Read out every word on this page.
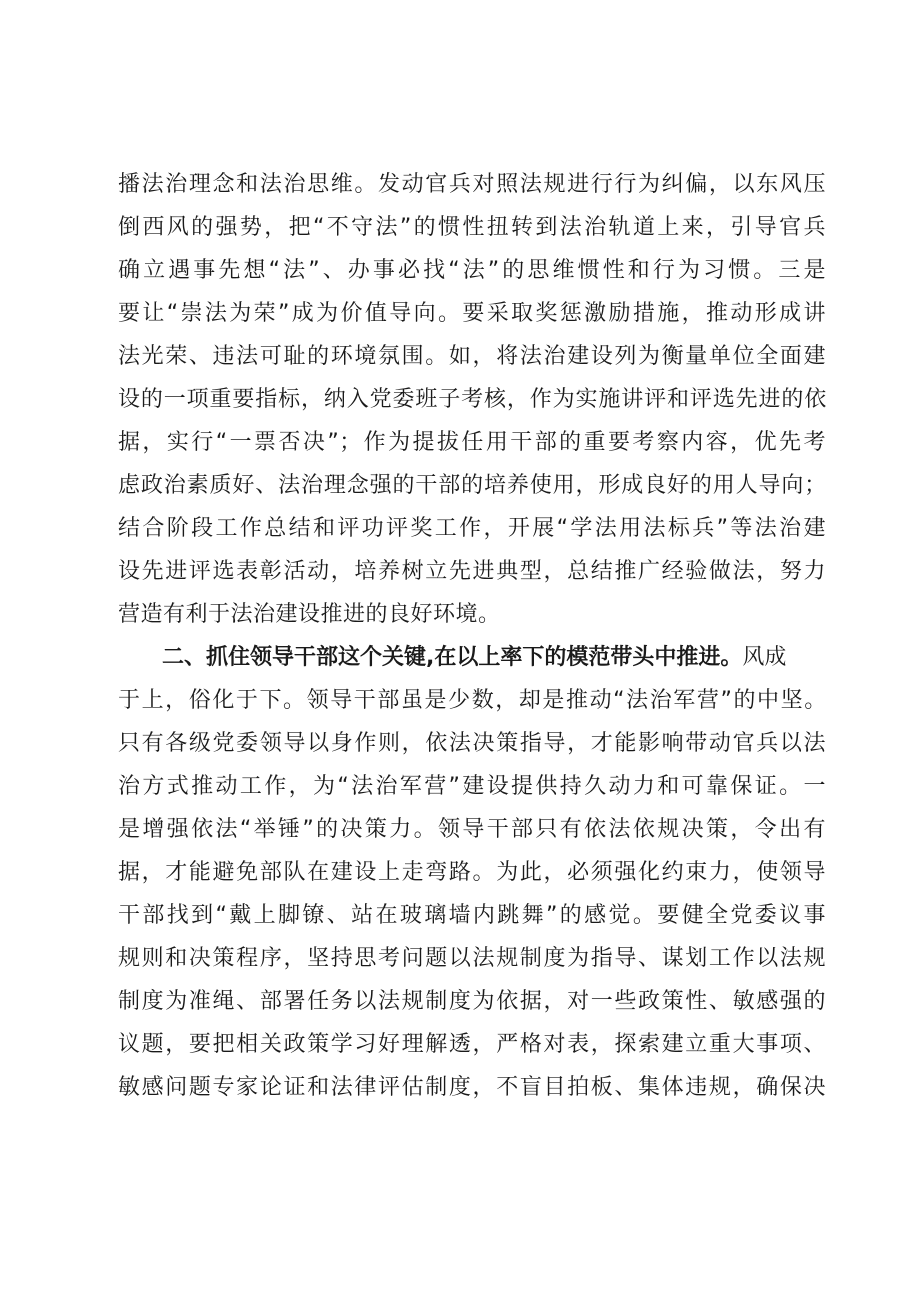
播法治理念和法治思维。发动官兵对照法规进行行为纠偏，以东风压
倒西风的强势，把“不守法”的惯性扭转到法治轨道上来，引导官兵
确立遇事先想“法”、办事必找“法”的思维惯性和行为习惯。三是
要让“崇法为荣”成为价值导向。要采取奖惩激励措施，推动形成讲
法光荣、违法可耻的环境氛围。如，将法治建设列为衡量单位全面建
设的一项重要指标，纳入党委班子考核，作为实施讲评和评选先进的依
据，实行“一票否决”；作为提拔任用干部的重要考察内容，优先考
虑政治素质好、法治理念强的干部的培养使用，形成良好的用人导向；
结合阶段工作总结和评功评奖工作，开展“学法用法标兵”等法治建
设先进评选表彰活动，培养树立先进典型，总结推广经验做法，努力
营造有利于法治建设推进的良好环境。
二、抓住领导干部这个关键,在以上率下的模范带头中推进。风成
于上，俗化于下。领导干部虽是少数，却是推动“法治军营”的中坚。
只有各级党委领导以身作则，依法决策指导，才能影响带动官兵以法
治方式推动工作，为“法治军营”建设提供持久动力和可靠保证。一
是增强依法“举锤”的决策力。领导干部只有依法依规决策，令出有
据，才能避免部队在建设上走弯路。为此，必须强化约束力，使领导
干部找到“戴上脚镣、站在玻璃墙内跳舞”的感觉。要健全党委议事
规则和决策程序，坚持思考问题以法规制度为指导、谋划工作以法规
制度为准绳、部署任务以法规制度为依据，对一些政策性、敏感强的
议题，要把相关政策学习好理解透，严格对表，探索建立重大事项、
敏感问题专家论证和法律评估制度，不盲目拍板、集体违规，确保决
